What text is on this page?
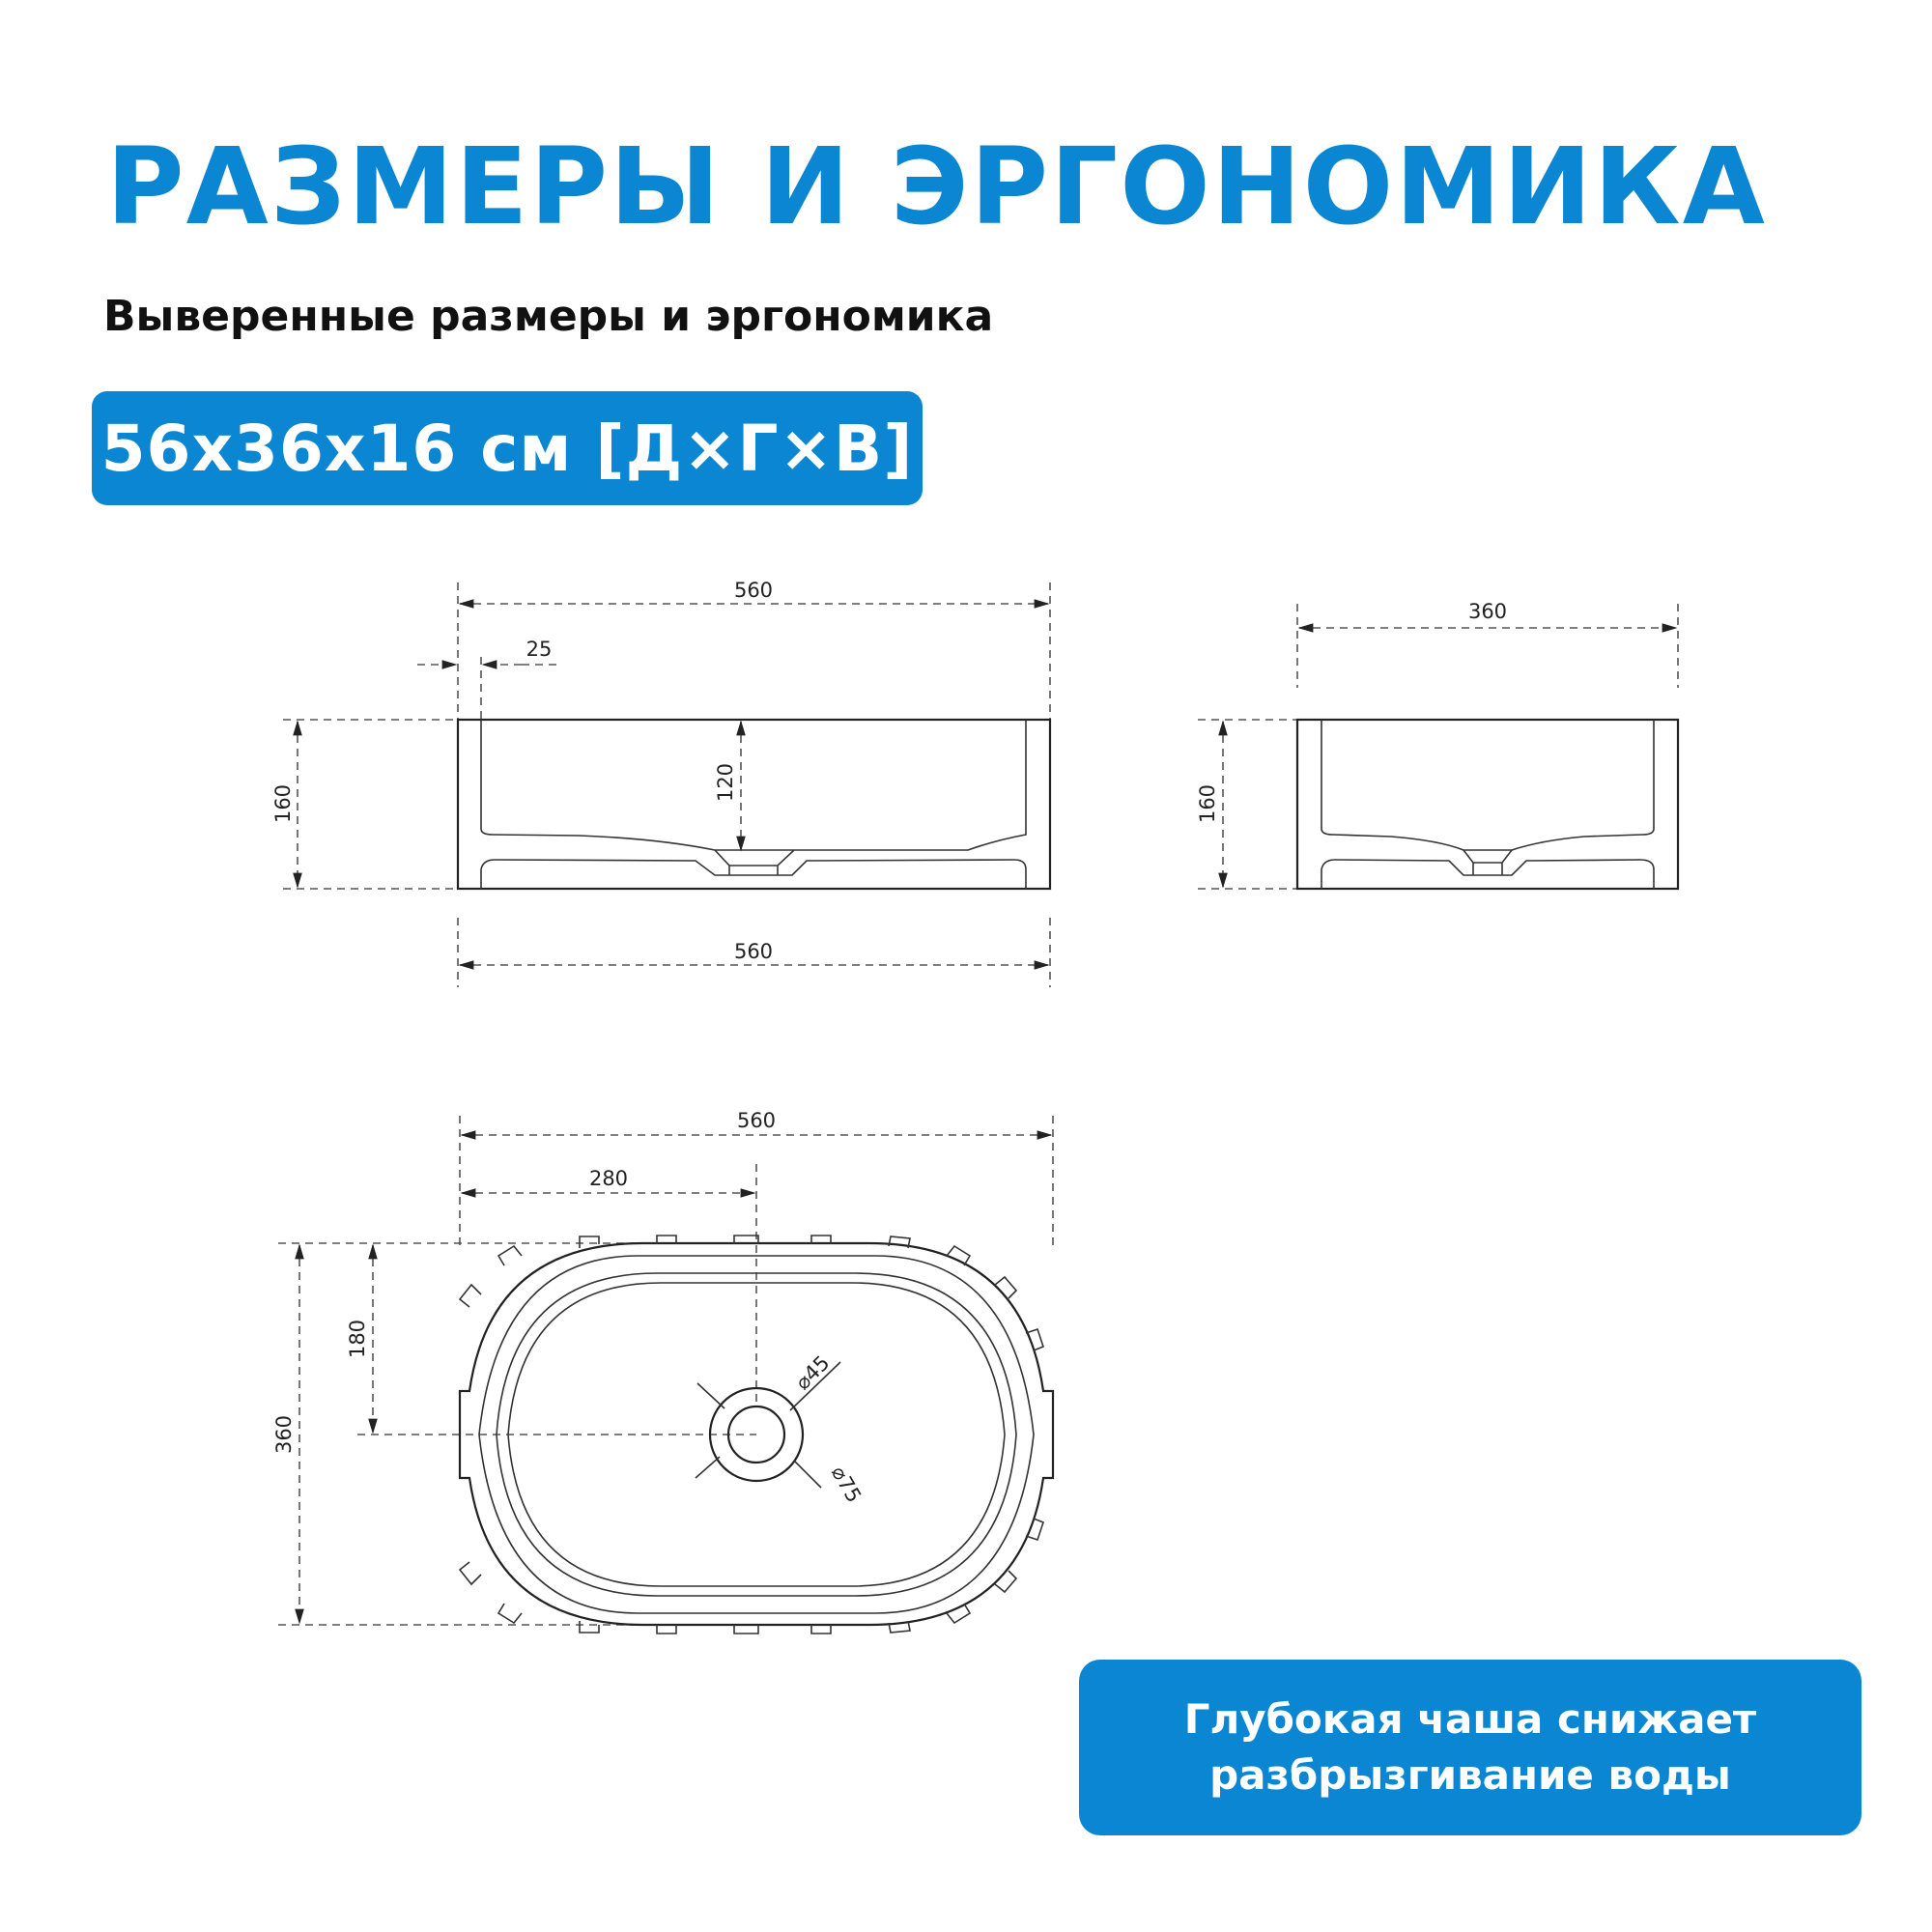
РАЗМЕРЫ И ЭРГОНОМИКА
Выверенные размеры и эргономика
56x36x16 см [Д×Г×В]
560
25
160
120
560
360
160
560
280
360
180
⌀45
⌀75
Глубокая чаша снижает
разбрызгивание воды
